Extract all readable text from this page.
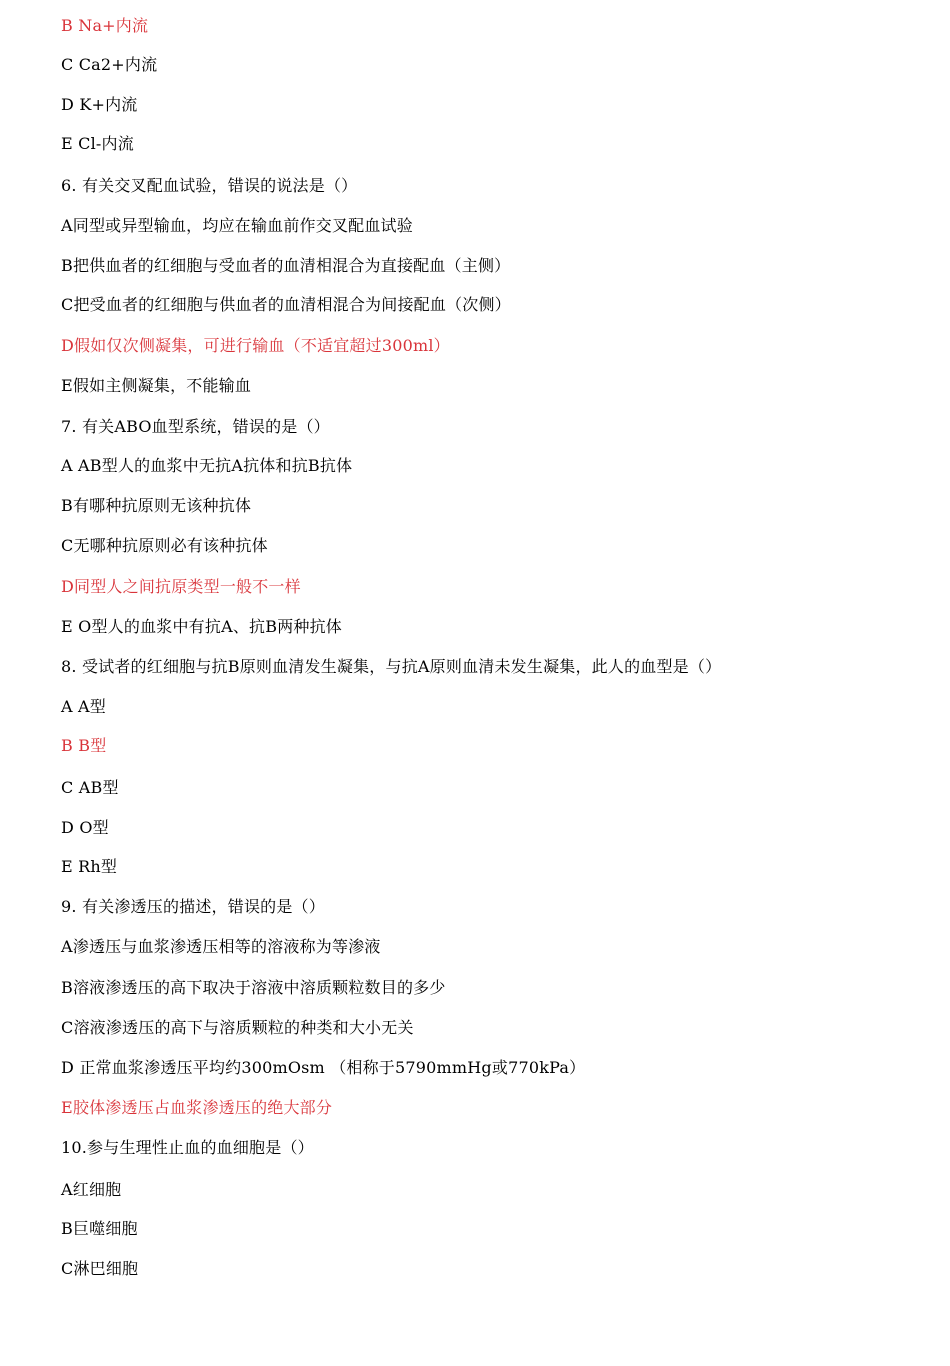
B Na+内流
C Ca2+内流
D K+内流
E Cl-内流
6. 有关交叉配血试验，错误的说法是（）
A同型或异型输血，均应在输血前作交叉配血试验
B把供血者的红细胞与受血者的血清相混合为直接配血（主侧）
C把受血者的红细胞与供血者的血清相混合为间接配血（次侧）
D假如仅次侧凝集，可进行输血（不适宜超过300ml）
E假如主侧凝集，不能输血
7. 有关ABO血型系统，错误的是（）
A AB型人的血浆中无抗A抗体和抗B抗体
B有哪种抗原则无该种抗体
C无哪种抗原则必有该种抗体
D同型人之间抗原类型一般不一样
E O型人的血浆中有抗A、抗B两种抗体
8. 受试者的红细胞与抗B原则血清发生凝集，与抗A原则血清未发生凝集，此人的血型是（）
A A型
B B型
C AB型
D O型
E Rh型
9. 有关渗透压的描述，错误的是（）
A渗透压与血浆渗透压相等的溶液称为等渗液
B溶液渗透压的高下取决于溶液中溶质颗粒数目的多少
C溶液渗透压的高下与溶质颗粒的种类和大小无关
D 正常血浆渗透压平均约300mOsm （相称于5790mmHg或770kPa）
E胶体渗透压占血浆渗透压的绝大部分
10.参与生理性止血的血细胞是（）
A红细胞
B巨噬细胞
C淋巴细胞
